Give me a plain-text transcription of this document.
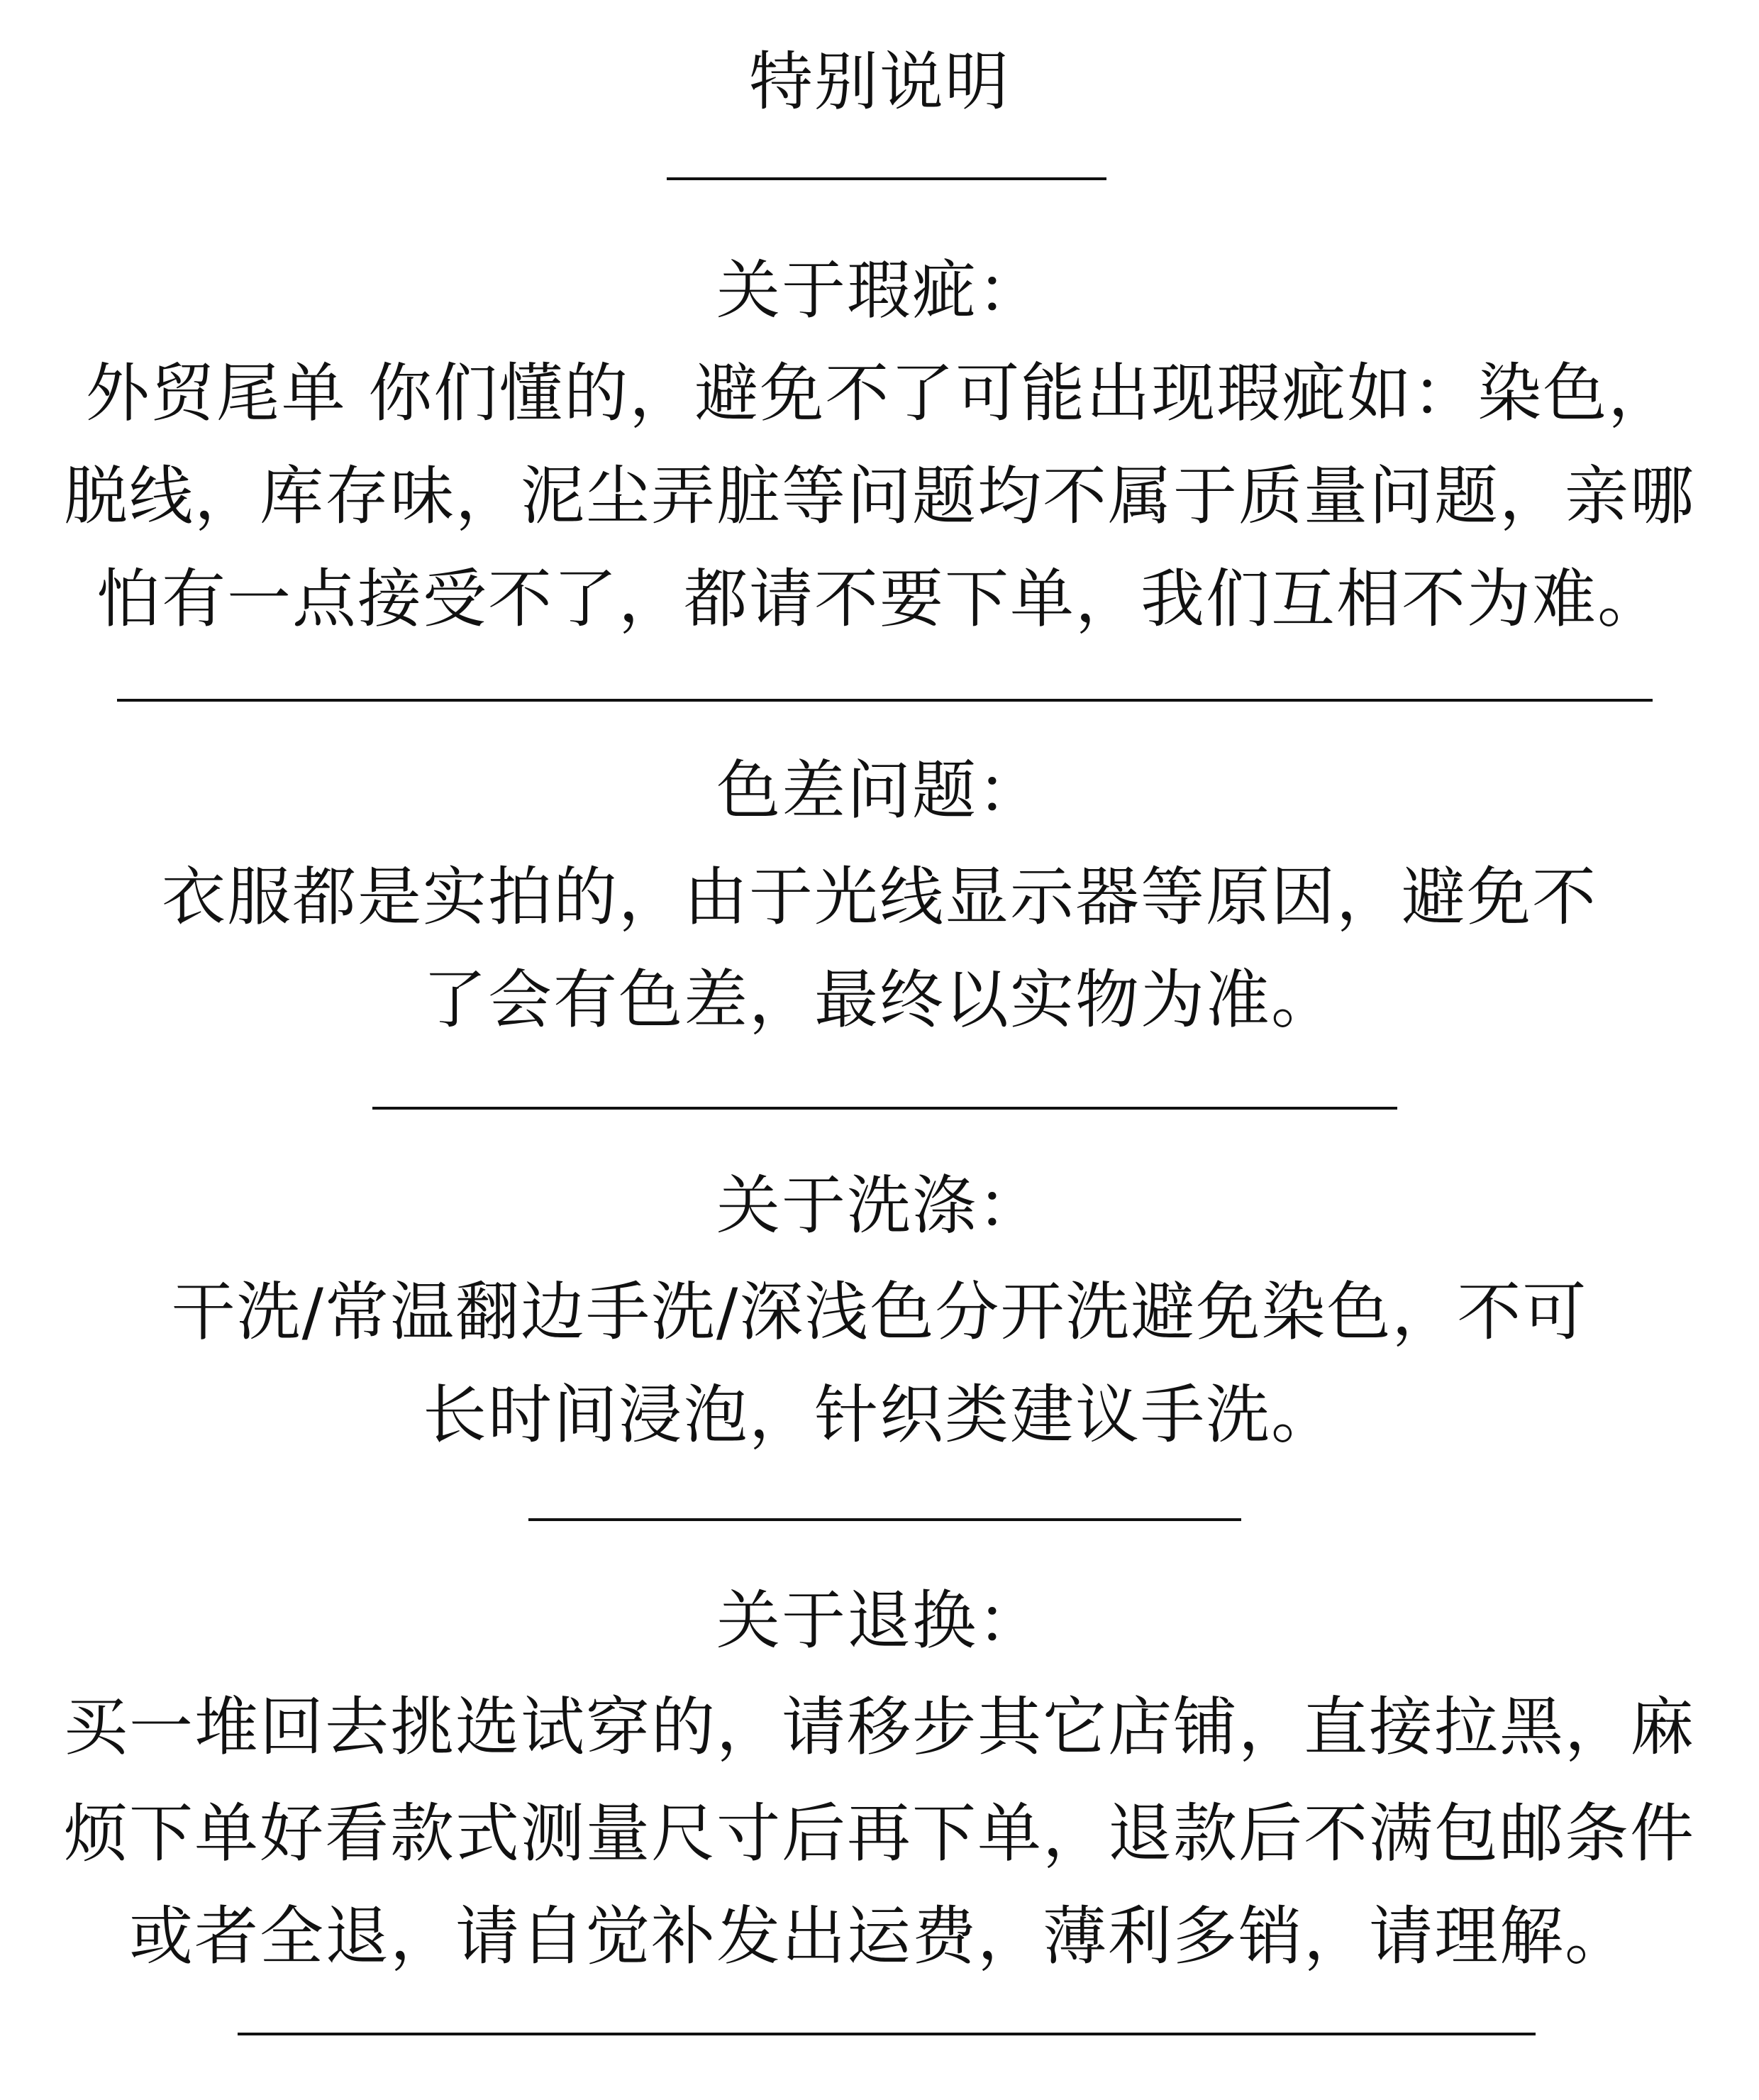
特别说明
关于瑕疵：
外贸尾单 你们懂的，避免不了可能出现瑕疵如：染色，
脱线，库存味，泥尘弄脏等问题均不属于质量问题，亲哪
怕有一点接受不了，都请不要下单，我们互相不为难。
色差问题：
衣服都是实拍的，由于光线显示器等原因，避免不
了会有色差，最终以实物为准。
关于洗涤：
干洗/常温翻边手洗/深浅色分开洗避免染色，不可
长时间浸泡，针织类建议手洗。
关于退换：
买一堆回去挑选试穿的，请移步其它店铺，直接拉黑，麻
烦下单好看款式测量尺寸后再下单，退款后不满包邮条件
或者全退，请自觉补发出运费，薄利多销，请理解。
